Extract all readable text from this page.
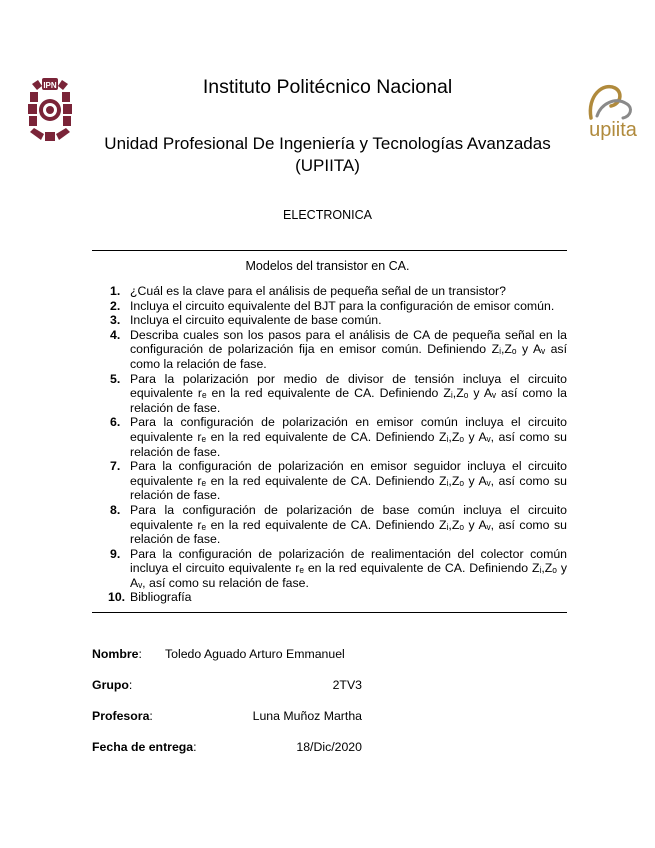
IPN
upiita
Instituto Politécnico Nacional
Unidad Profesional De Ingeniería y Tecnologías Avanzadas (UPIITA)
ELECTRONICA
Modelos del transistor en CA.
1. ¿Cuál es la clave para el análisis de pequeña señal de un transistor?
2. Incluya el circuito equivalente del BJT para la configuración de emisor común.
3. Incluya el circuito equivalente de base común.
4. Describa cuales son los pasos para el análisis de CA de pequeña señal en la configuración de polarización fija en emisor común. Definiendo Zᵢ,Zₒ y Aᵥ así como la relación de fase.
5. Para la polarización por medio de divisor de tensión incluya el circuito equivalente rₑ en la red equivalente de CA. Definiendo Zᵢ,Zₒ y Aᵥ así como la relación de fase.
6. Para la configuración de polarización en emisor común incluya el circuito equivalente rₑ en la red equivalente de CA. Definiendo Zᵢ,Zₒ y Aᵥ, así como su relación de fase.
7. Para la configuración de polarización en emisor seguidor incluya el circuito equivalente rₑ en la red equivalente de CA. Definiendo Zᵢ,Zₒ y Aᵥ, así como su relación de fase.
8. Para la configuración de polarización de base común incluya el circuito equivalente rₑ en la red equivalente de CA. Definiendo Zᵢ,Zₒ y Aᵥ, así como su relación de fase.
9. Para la configuración de polarización de realimentación del colector común incluya el circuito equivalente rₑ en la red equivalente de CA. Definiendo Zᵢ,Zₒ y Aᵥ, así como su relación de fase.
10. Bibliografía
Nombre: Toledo Aguado Arturo Emmanuel
Grupo:	2TV3
Profesora:	Luna Muñoz Martha
Fecha de entrega:	18/Dic/2020
